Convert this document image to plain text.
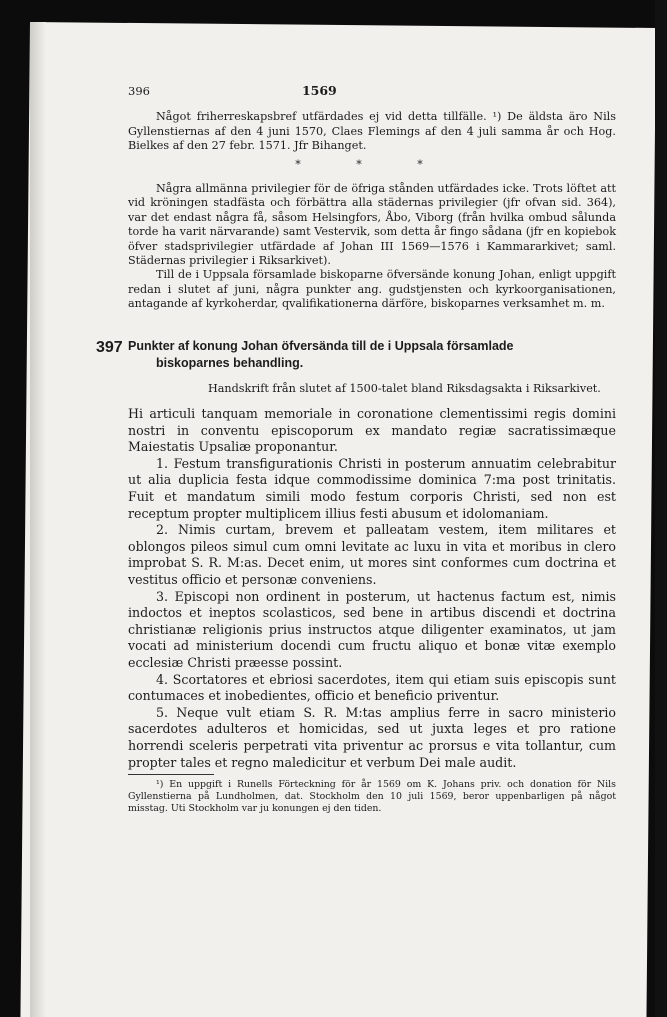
396	1569

Något friherreskapsbref utfärdades ej vid detta tillfälle. ¹) De äldsta äro Nils Gyllenstiernas af den 4 juni 1570, Claes Flemings af den 4 juli samma år och Hog. Bielkes af den 27 febr. 1571. Jfr Bihanget.

* * *

Några allmänna privilegier för de öfriga stånden utfärdades icke. Trots löftet att vid kröningen stadfästa och förbättra alla städernas privilegier (jfr ofvan sid. 364), var det endast några få, såsom Helsingfors, Åbo, Viborg (från hvilka ombud sålunda torde ha varit närvarande) samt Vestervik, som detta år fingo sådana (jfr en kopiebok öfver stadsprivilegier utfärdade af Johan III 1569—1576 i Kammararkivet; saml. Städernas privilegier i Riksarkivet).

Till de i Uppsala församlade biskoparne öfversände konung Johan, enligt uppgift redan i slutet af juni, några punkter ang. gudstjensten och kyrkoorganisationen, antagande af kyrkoherdar, qvalifikationerna därföre, biskoparnes verksamhet m. m.

397 Punkter af konung Johan öfversända till de i Uppsala församlade
biskoparnes behandling.

Handskrift från slutet af 1500-talet bland Riksdagsakta i Riksarkivet.

Hi articuli tanquam memoriale in coronatione clementissimi regis domini nostri in conventu episcoporum ex mandato regiæ sacratissimæque Maiestatis Upsaliæ proponantur.

1. Festum transfigurationis Christi in posterum annuatim celebrabitur ut alia duplicia festa idque commodissime dominica 7:ma post trinitatis. Fuit et mandatum simili modo festum corporis Christi, sed non est receptum propter multiplicem illius festi abusum et idolomaniam.

2. Nimis curtam, brevem et palleatam vestem, item militares et oblongos pileos simul cum omni levitate ac luxu in vita et moribus in clero improbat S. R. M:as. Decet enim, ut mores sint conformes cum doctrina et vestitus officio et personæ conveniens.

3. Episcopi non ordinent in posterum, ut hactenus factum est, nimis indoctos et ineptos scolasticos, sed bene in artibus discendi et doctrina christianæ religionis prius instructos atque diligenter examinatos, ut jam vocati ad ministerium docendi cum fructu aliquo et bonæ vitæ exemplo ecclesiæ Christi præesse possint.

4. Scortatores et ebriosi sacerdotes, item qui etiam suis episcopis sunt contumaces et inobedientes, officio et beneficio priventur.

5. Neque vult etiam S. R. M:tas amplius ferre in sacro ministerio sacerdotes adulteros et homicidas, sed ut juxta leges et pro ratione horrendi sceleris perpetrati vita priventur ac prorsus e vita tollantur, cum propter tales et regno maledicitur et verbum Dei male audit.

¹) En uppgift i Runells Förteckning för år 1569 om K. Johans priv. och donation för Nils Gyllenstierna på Lundholmen, dat. Stockholm den 10 juli 1569, beror uppenbarligen på något misstag. Uti Stockholm var ju konungen ej den tiden.
